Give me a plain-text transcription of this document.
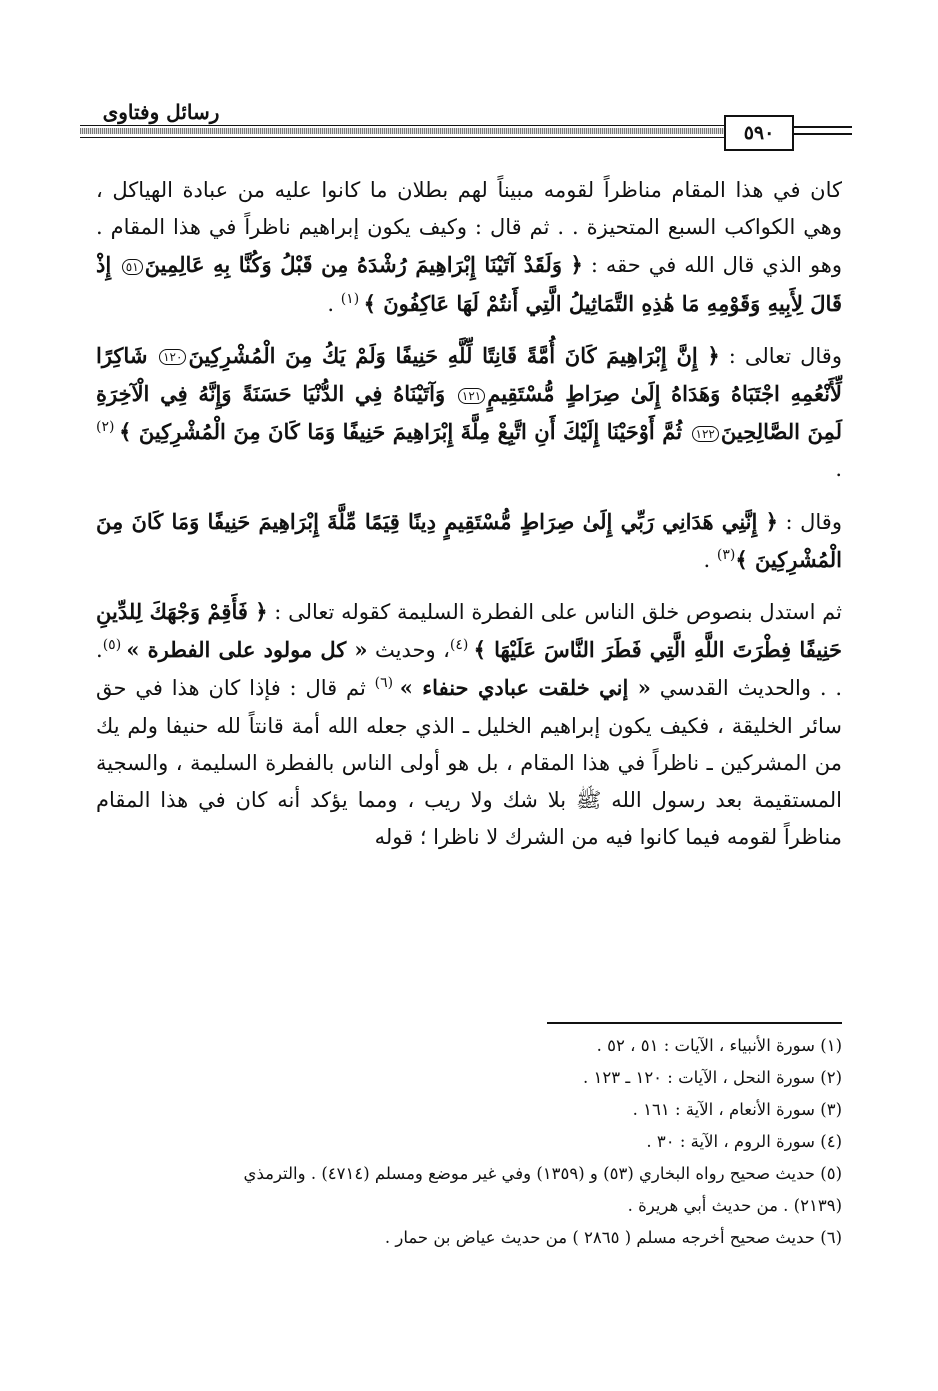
رسائل وفتاوى
٥٩٠

كان في هذا المقام مناظراً لقومه مبيناً لهم بطلان ما كانوا عليه من عبادة الهياكل ، وهي الكواكب السبع المتحيزة . . ثم قال : وكيف يكون إبراهيم ناظراً في هذا المقام . وهو الذي قال الله في حقه : ﴿ وَلَقَدْ آتَيْنَا إِبْرَاهِيمَ رُشْدَهُ مِن قَبْلُ وَكُنَّا بِهِ عَالِمِينَ٥١ إِذْ قَالَ لِأَبِيهِ وَقَوْمِهِ مَا هَٰذِهِ التَّمَاثِيلُ الَّتِي أَنتُمْ لَهَا عَاكِفُونَ ﴾ $^{(١)}$ .

وقال تعالى : ﴿ إِنَّ إِبْرَاهِيمَ كَانَ أُمَّةً قَانِتًا لِّلَّهِ حَنِيفًا وَلَمْ يَكُ مِنَ الْمُشْرِكِينَ١٢٠ شَاكِرًا لِّأَنْعُمِهِ اجْتَبَاهُ وَهَدَاهُ إِلَىٰ صِرَاطٍ مُّسْتَقِيمٍ١٢١ وَآتَيْنَاهُ فِي الدُّنْيَا حَسَنَةً وَإِنَّهُ فِي الْآخِرَةِ لَمِنَ الصَّالِحِينَ١٢٢ ثُمَّ أَوْحَيْنَا إِلَيْكَ أَنِ اتَّبِعْ مِلَّةَ إِبْرَاهِيمَ حَنِيفًا وَمَا كَانَ مِنَ الْمُشْرِكِينَ ﴾ $^{(٢)}$ .

وقال : ﴿ إِنَّنِي هَدَانِي رَبِّي إِلَىٰ صِرَاطٍ مُّسْتَقِيمٍ دِينًا قِيَمًا مِّلَّةَ إِبْرَاهِيمَ حَنِيفًا وَمَا كَانَ مِنَ الْمُشْرِكِينَ ﴾$^{(٣)}$ .

ثم استدل بنصوص خلق الناس على الفطرة السليمة كقوله تعالى : ﴿ فَأَقِمْ وَجْهَكَ لِلدِّينِ حَنِيفًا فِطْرَتَ اللَّهِ الَّتِي فَطَرَ النَّاسَ عَلَيْهَا ﴾ $^{(٤)}$، وحديث « كل مولود على الفطرة » $^{(٥)}$. . . والحديث القدسي « إني خلقت عبادي حنفاء » $^{(٦)}$ ثم قال : فإذا كان هذا في حق سائر الخليقة ، فكيف يكون إبراهيم الخليل ـ الذي جعله الله أمة قانتاً لله حنيفا ولم يك من المشركين ـ ناظراً في هذا المقام ، بل هو أولى الناس بالفطرة السليمة ، والسجية المستقيمة بعد رسول الله ﷺ بلا شك ولا ريب ، ومما يؤكد أنه كان في هذا المقام مناظراً لقومه فيما كانوا فيه من الشرك لا ناظرا ؛ قوله

(١) سورة الأنبياء ، الآيات : ٥١ ، ٥٢ .
(٢) سورة النحل ، الآيات : ١٢٠ ـ ١٢٣ .
(٣) سورة الأنعام ، الآية : ١٦١ .
(٤) سورة الروم ، الآية : ٣٠ .
(٥) حديث صحيح رواه البخاري (٥٣) و (١٣٥٩) وفي غير موضع ومسلم (٤٧١٤) . والترمذي
(٢١٣٩) . من حديث أبي هريرة .
(٦) حديث صحيح أخرجه مسلم ( ٢٨٦٥ ) من حديث عياض بن حمار .
